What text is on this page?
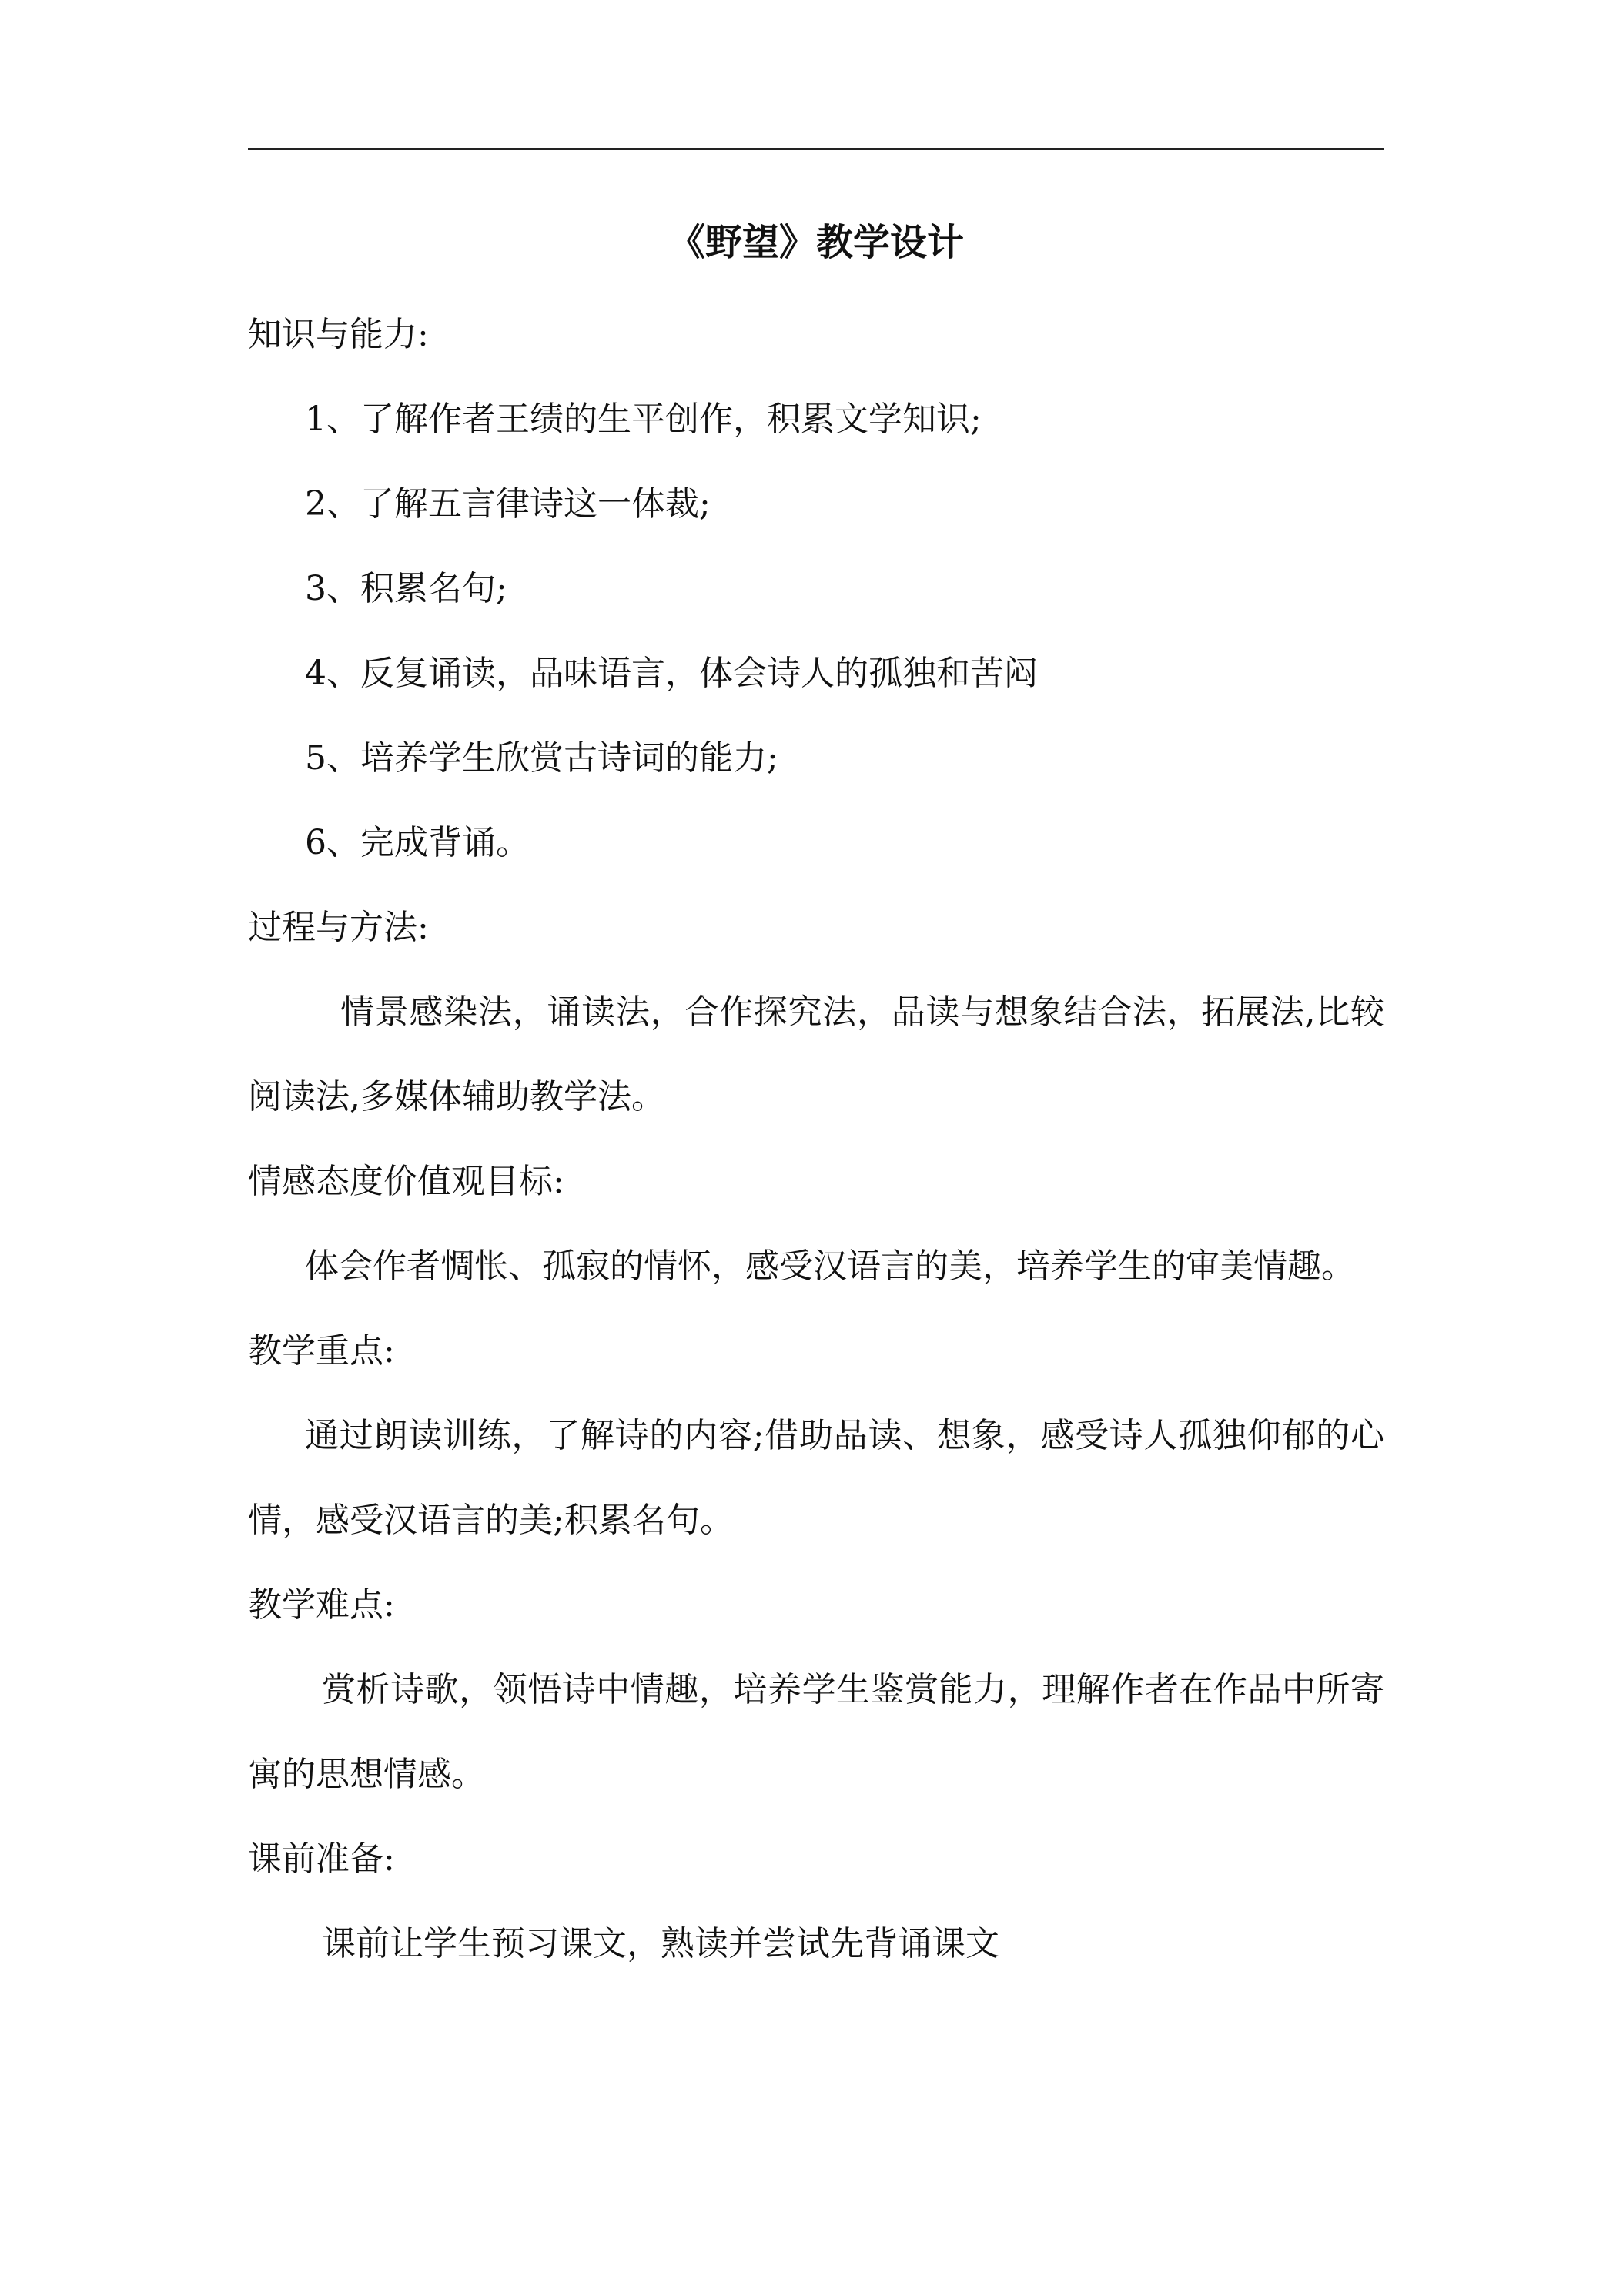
《野望》教学设计
知识与能力:
1、了解作者王绩的生平创作，积累文学知识;
2、了解五言律诗这一体裁;
3、积累名句;
4、反复诵读，品味语言，体会诗人的孤独和苦闷
5、培养学生欣赏古诗词的能力;
6、完成背诵。
过程与方法:
情景感染法，诵读法，合作探究法，品读与想象结合法，拓展法,比较阅读法,多媒体辅助教学法。
情感态度价值观目标:
体会作者惆怅、孤寂的情怀，感受汉语言的美，培养学生的审美情趣。
教学重点:
通过朗读训练，了解诗的内容;借助品读、想象，感受诗人孤独仰郁的心情，感受汉语言的美;积累名句。
教学难点:
赏析诗歌，领悟诗中情趣，培养学生鉴赏能力，理解作者在作品中所寄寓的思想情感。
课前准备:
课前让学生预习课文，熟读并尝试先背诵课文
